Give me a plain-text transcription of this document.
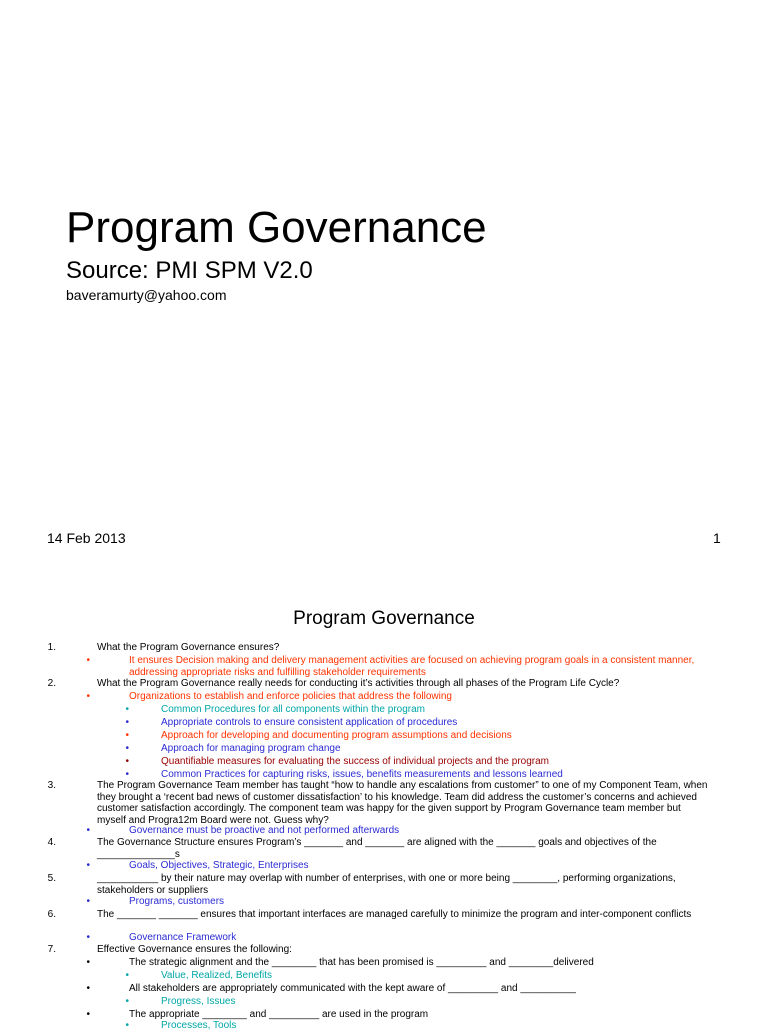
Program Governance
Source: PMI SPM V2.0
baveramurty@yahoo.com
14 Feb 2013	1
Program Governance
1.	What the Program Governance ensures?
•	It ensures Decision making and delivery management activities are focused on achieving program goals in a consistent manner, addressing appropriate risks and fulfilling stakeholder requirements
2.	What the Program Governance really needs for conducting it’s activities through all phases of the Program Life Cycle?
•	Organizations to establish and enforce policies that address the following
•	Common Procedures for all components within the program
•	Appropriate controls to ensure consistent application of procedures
•	Approach for developing and documenting program assumptions and decisions
•	Approach for managing program change
•	Quantifiable measures for evaluating the success of individual projects and the program
•	Common Practices for capturing risks, issues, benefits measurements and lessons learned
3.	The Program Governance Team member has taught “how to handle any escalations from customer” to one of my Component Team, when they brought a ‘recent bad news of customer dissatisfaction’ to his knowledge. Team did address the customer’s concerns and achieved customer satisfaction accordingly. The component team was happy for the given support by Program Governance team member but myself and Progra12m Board were not. Guess why?
•	Governance must be proactive and not performed afterwards
4.	The Governance Structure ensures Program’s _______ and _______ are aligned with the _______ goals and objectives of the ______________s
•	Goals, Objectives, Strategic, Enterprises
5.	___________ by their nature may overlap with number of enterprises, with one or more being ________, performing organizations, stakeholders or suppliers
•	Programs, customers
6.	The _______ _______ ensures that important interfaces are managed carefully to minimize the program and inter-component conflicts
•	Governance Framework
7.	Effective Governance ensures the following:
•	The strategic alignment and the ________ that has been promised is _________ and ________delivered
•	Value, Realized, Benefits
•	All stakeholders are appropriately communicated with the kept aware of _________ and __________
•	Progress, Issues
•	The appropriate ________ and _________ are used in the program
•	Processes, Tools
